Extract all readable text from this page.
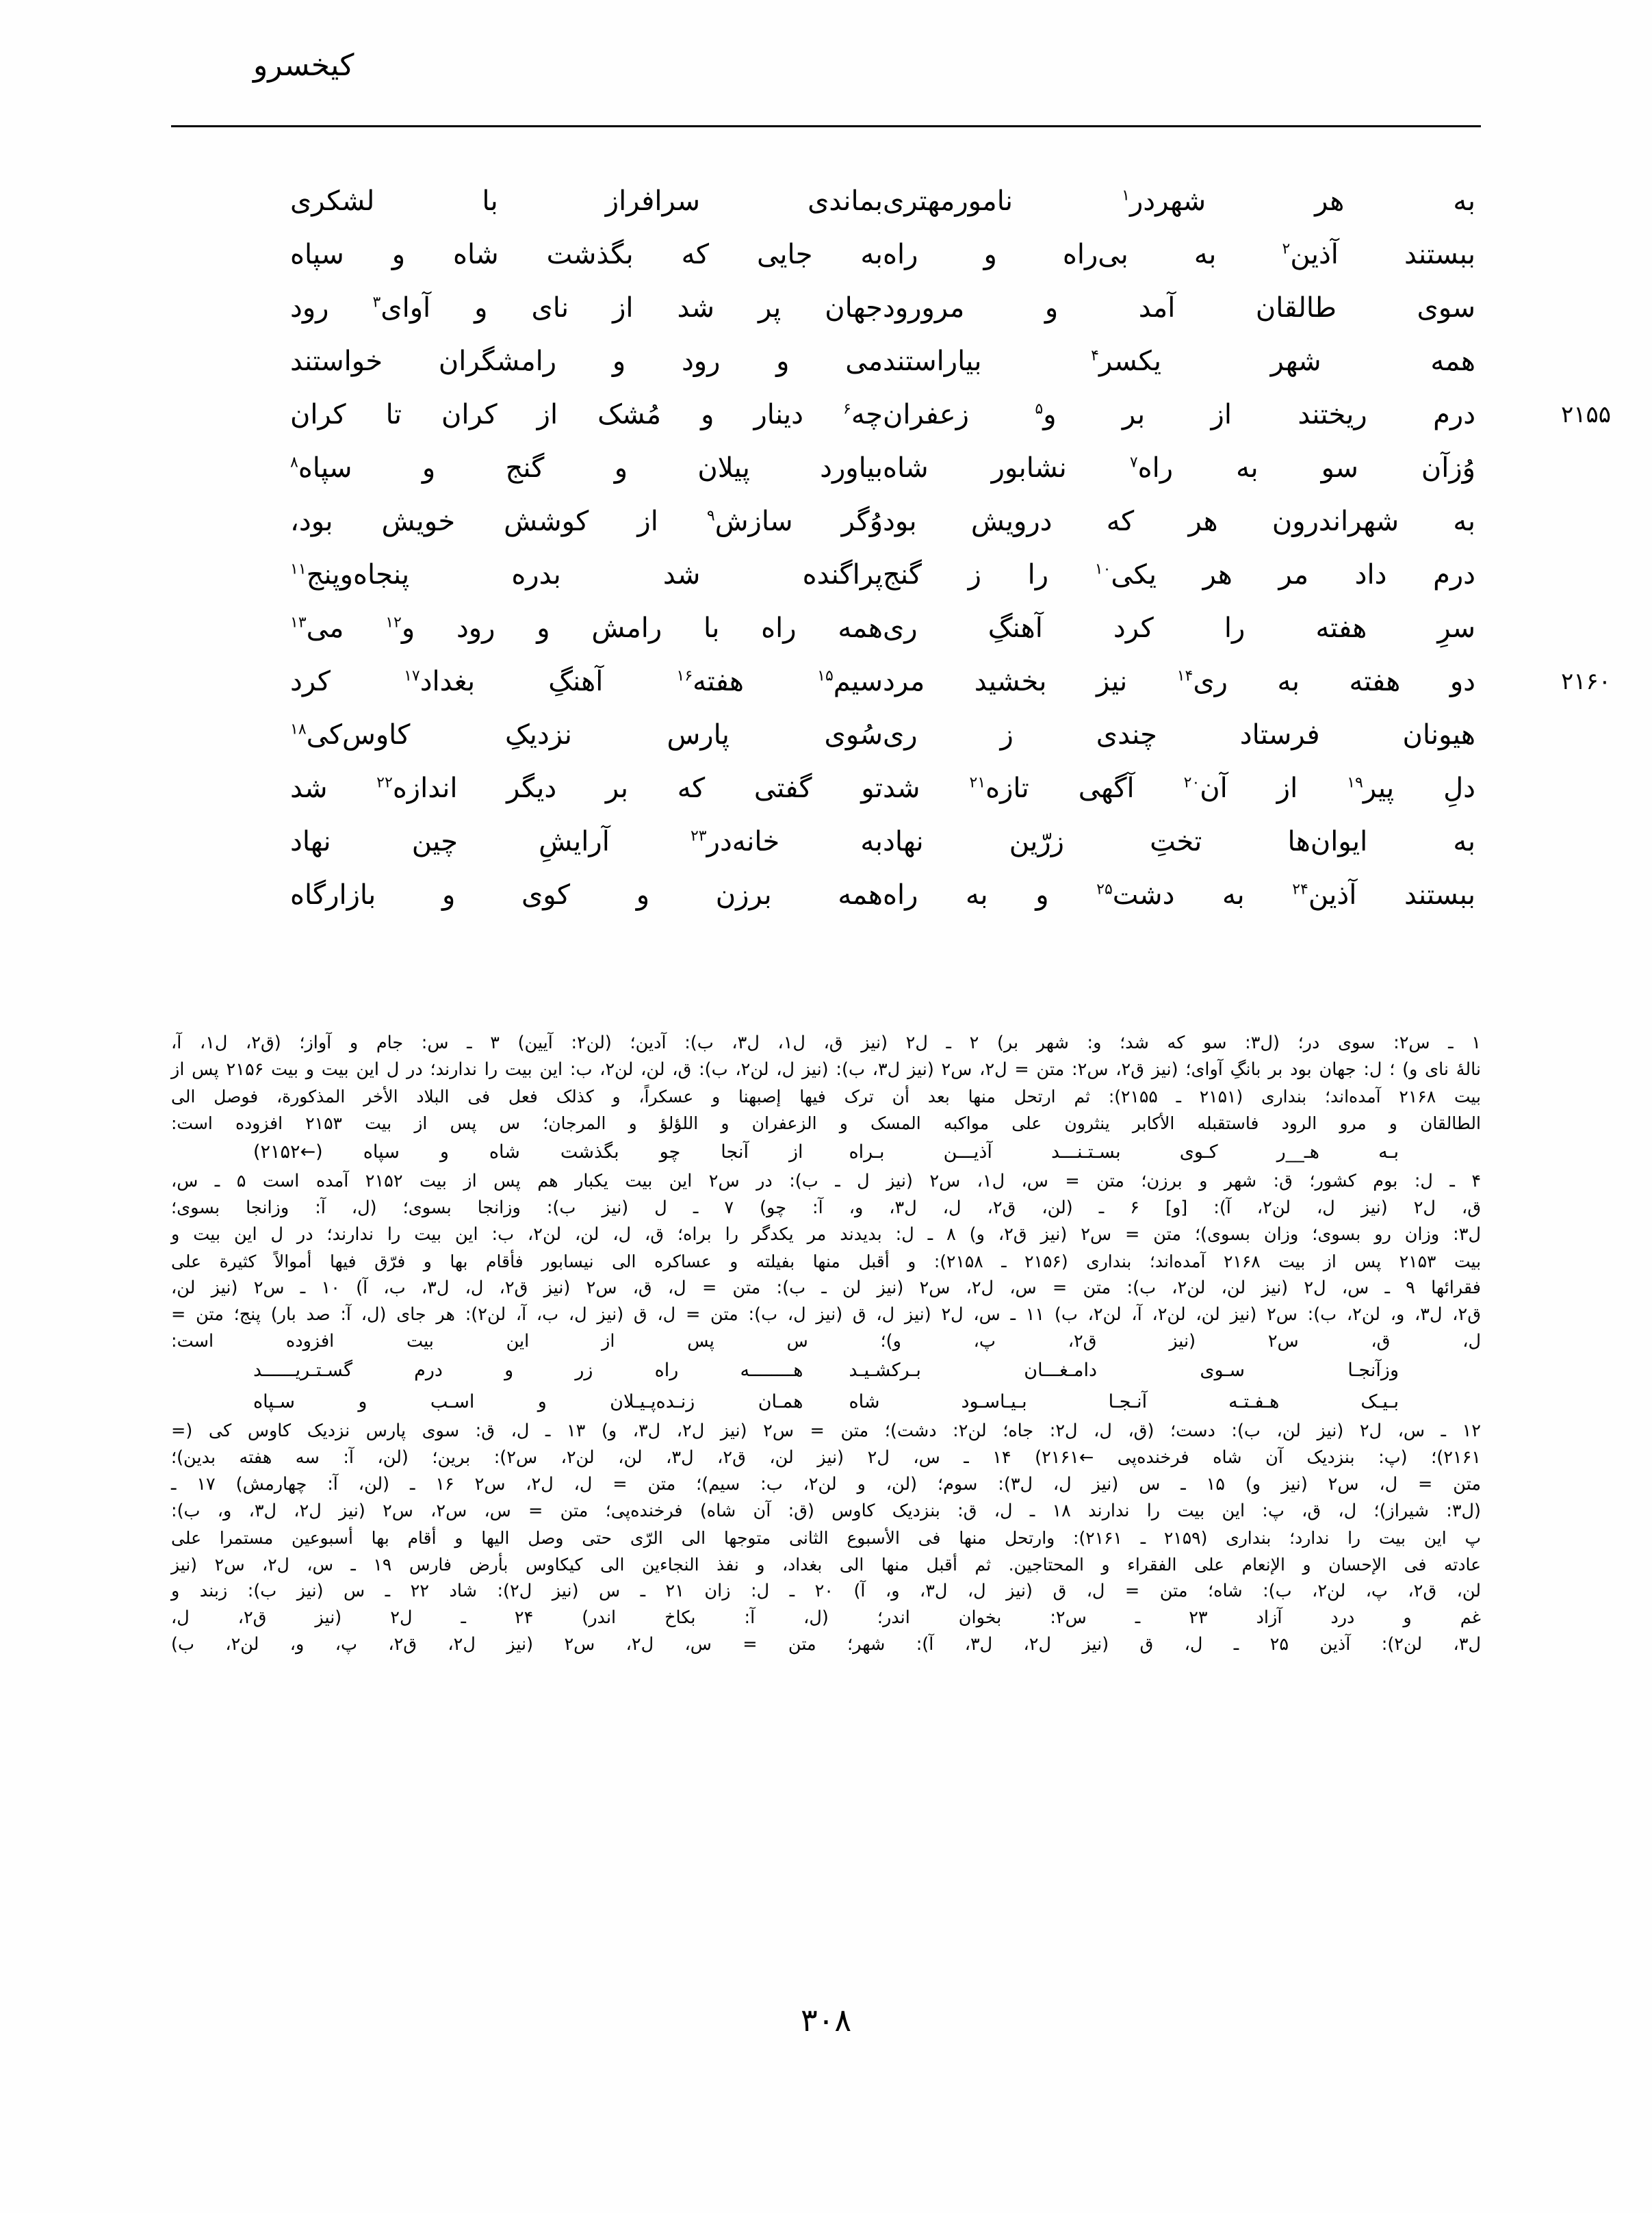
کیخسرو
به هر شهردر$^۱$ نامورمهتری
بماندی سرافراز با لشکری
ببستند آذین$^۲$ به بی‌راه و راه
به جایی که بگذشت شاه و سپاه
سوی طالقان آمد و مرورود
جهان پر شد از نای و آوای$^۳$ رود
همه شهر یکسر$^۴$ بیاراستند
می و رود و رامشگران خواستند
۲۱۵۵
درم ریختند از بر و$^۵$ زعفران
چه$^۶$ دینار و مُشک از کران تا کران
وُزآن سو به راه$^۷$ نشابور شاه
بیاورد پیلان و گنج و سپاه$^۸$
به شهراندرون هر که درویش بود
وُگر سازش$^۹$ از کوشش خویش بود،
درم داد مر هر یکی$^{۱۰}$ را ز گنج
پراگنده شد بدره پنجاه‌وپنج$^{۱۱}$
سرِ هفته را کرد آهنگِ ری
همه راه با رامش و رود و$^{۱۲}$ می$^{۱۳}$
۲۱۶۰
دو هفته به ری$^{۱۴}$ نیز بخشید مرد
سیم$^{۱۵}$ هفته$^{۱۶}$ آهنگِ بغداد$^{۱۷}$ کرد
هیونان فرستاد چندی ز ری
سُوی پارس نزدیکِ کاوس‌کی$^{۱۸}$
دلِ پیر$^{۱۹}$ از آن$^{۲۰}$ آگهی تازه$^{۲۱}$ شد
تو گفتی که بر دیگر اندازه$^{۲۲}$ شد
به ایوان‌ها تختِ زرّین نهاد
به خانه‌در$^{۲۳}$ آرایشِ چین نهاد
ببستند آذین$^{۲۴}$ به دشت$^{۲۵}$ و به راه
همه برزن و کوی و بازارگاه

۱ ـ س۲: سوی در؛ (ل۳: سو که شد؛ و: شهر بر) ۲ ـ ل۲ (نیز ق، ل۱، ل۳، ب): آدین؛ (لن۲: آیین) ۳ ـ س: جام و آواز؛ (ق۲، ل۱، آ،

نالهٔ نای و) ؛ ل: جهان بود بر بانگِ آوای؛ (نیز ق۲، س۲: متن = ل۲، س۲ (نیز ل۳، ب): (نیز ل، لن۲، ب): ق، لن، لن۲، ب: این بیت را ندارند؛ در ل این بیت و بیت ۲۱۵۶ پس از

بیت ۲۱۶۸ آمده‌اند؛ بنداری (۲۱۵۱ ـ ۲۱۵۵): ثم ارتحل منها بعد أن ترک فیها إصبهنا و عسکراً، و کذلک فعل فی البلاد الأخر المذکورة، فوصل الی

الطالقان و مرو الرود فاستقبله الأکابر ینثرون علی مواکبه المسک و الزعفران و اللؤلؤ و المرجان؛ س پس از بیت ۲۱۵۳ افزوده است:

بـه هـ__ر کـوی بسـتـنـــد آذیـــن بـراه
از آنجا چو بگذشت شاه و سپاه (←۲۱۵۲)

۴ ـ ل: بوم کشور؛ ق: شهر و برزن؛ متن = س، ل۱، س۲ (نیز ل ـ ب): در س۲ این بیت یکبار هم پس از بیت ۲۱۵۲ آمده است ۵ ـ س،

ق، ل۲ (نیز ل، لن۲، آ): [و] ۶ ـ (لن، ق۲، ل، ل۳، و، آ: چو) ۷ ـ ل (نیز ب): وزانجا بسوی؛ (ل، آ: وزانجا بسوی؛

ل۳: وزان رو بسوی؛ وزان بسوی)؛ متن = س۲ (نیز ق۲، و) ۸ ـ ل: بدیدند مر یکدگر را براه؛ ق، ل، لن، لن۲، ب: این بیت را ندارند؛ در ل این بیت و

بیت ۲۱۵۳ پس از بیت ۲۱۶۸ آمده‌اند؛ بنداری (۲۱۵۶ ـ ۲۱۵۸): و أقبل منها بفیلته و عساکره الی نیسابور فأقام بها و فرّق فیها أموالاً کثیرة علی

فقرائها ۹ ـ س، ل۲ (نیز لن، لن۲، ب): متن = س، ل۲، س۲ (نیز لن ـ ب): متن = ل، ق، س۲ (نیز ق۲، ل، ل۳، ب، آ) ۱۰ ـ س۲ (نیز لن،

ق۲، ل۳، و، لن۲، ب): س۲ (نیز لن، لن۲، آ، لن۲، ب) ۱۱ ـ س، ل۲ (نیز ل، ق (نیز ل، ب): متن = ل، ق (نیز ل، ب، آ، لن۲): هر جای (ل، آ: صد بار) پنج؛ متن =

ل، ق، س۲ (نیز ق۲، پ، و)؛ س پس از این بیت افزوده است:

وزآنجـا سـوی دامـغـــان بـرکشـیـد
هــــــــه راه زر و درم گسـتـریــــــد
بـیـک هـفـتـه آنـجـا بـیـاسـود شاه
همـان زنـده‌پـیـلان و اسـب و سـپاه

۱۲ ـ س، ل۲ (نیز لن، ب): دست؛ (ق، ل، ل۲: جاه؛ لن۲: دشت)؛ متن = س۲ (نیز ل۲، ل۳، و) ۱۳ ـ ل، ق: سوی پارس نزدیک کاوس کی (=

۲۱۶۱)؛ (پ: بنزدیک آن شاه فرخنده‌پی ←۲۱۶۱) ۱۴ ـ س، ل۲ (نیز لن، ق۲، ل۳، لن، لن۲، س۲): برین؛ (لن، آ: سه هفته بدین)؛

متن = ل، س۲ (نیز و) ۱۵ ـ س (نیز ل، ل۳): سوم؛ (لن، و لن۲، ب: سیم)؛ متن = ل، ل۲، س۲ ۱۶ ـ (لن، آ: چهارمش) ۱۷ ـ

(ل۳: شیراز)؛ ل، ق، پ: این بیت را ندارند ۱۸ ـ ل، ق: بنزدیک کاوس (ق: آن شاه) فرخنده‌پی؛ متن = س، س۲، س۲ (نیز ل۲، ل۳، و، ب):

پ این بیت را ندارد؛ بنداری (۲۱۵۹ ـ ۲۱۶۱): وارتحل منها فی الأسبوع الثانی متوجها الی الرّی حتی وصل الیها و أقام بها أسبوعین مستمرا علی

عادته فی الإحسان و الإنعام علی الفقراء و المحتاجین. ثم أقبل منها الی بغداد، و نفذ النجاءین الی کیکاوس بأرض فارس ۱۹ ـ س، ل۲، س۲ (نیز

لن، ق۲، پ، لن۲، ب): شاه؛ متن = ل، ق (نیز ل، ل۳، و، آ) ۲۰ ـ ل: زان ۲۱ ـ س (نیز ل۲): شاد ۲۲ ـ س (نیز ب): زبند و

غم و درد آزاد ۲۳ ـ س۲: بخوان اندر؛ (ل، آ: بکاخ اندر) ۲۴ ـ ل۲ (نیز ق۲، ل،

ل۳، لن۲): آذین ۲۵ ـ ل، ق (نیز ل۲، ل۳، آ): شهر؛ متن = س، ل۲، س۲ (نیز ل۲، ق۲، پ، و، لن۲، ب)

۳۰۸
